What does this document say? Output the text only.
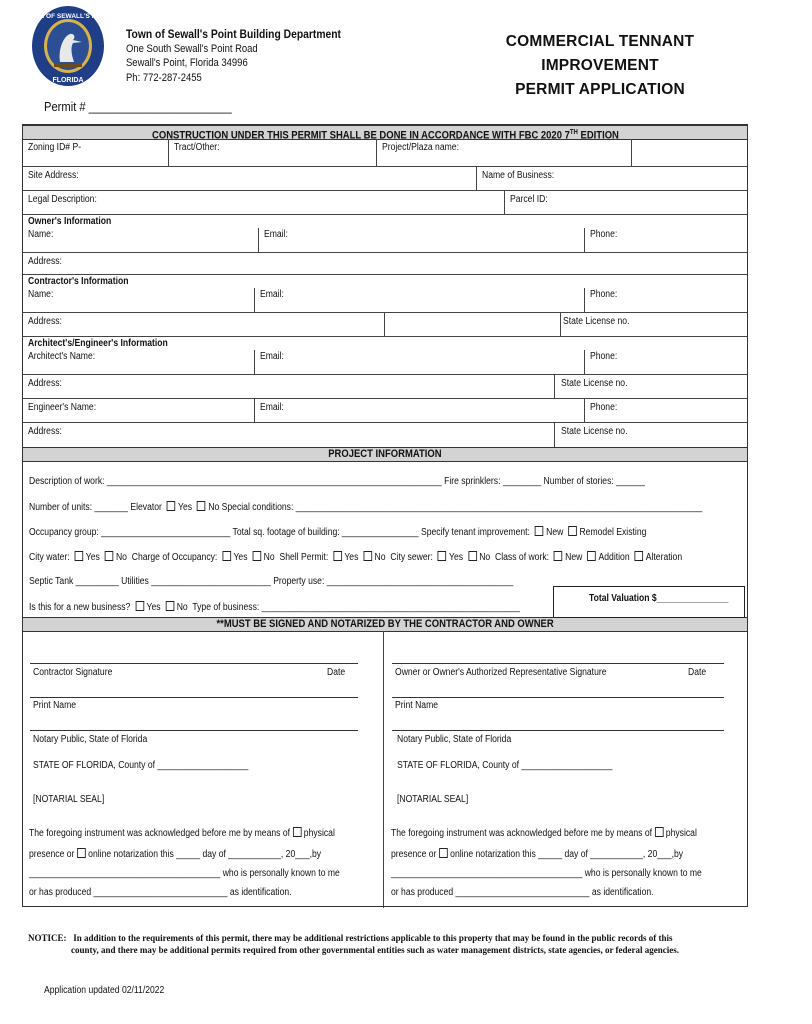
TOWN OF SEWALL'S POINT
FLORIDA
Town of Sewall's Point Building Department
One South Sewall's Point Road
Sewall's Point, Florida 34996
Ph: 772-287-2455
COMMERCIAL TENNANT
IMPROVEMENT
PERMIT APPLICATION
Permit # _______________________
CONSTRUCTION UNDER THIS PERMIT SHALL BE DONE IN ACCORDANCE WITH FBC 2020 7TH EDITION
Zoning ID# P-	Tract/Other:	Project/Plaza name:
Site Address:	Name of Business:
Legal Description:	Parcel ID:
Owner's Information
Name:	Email:	Phone:
Address:
Contractor's Information
Name:	Email:	Phone:
Address:	State License no.
Architect's/Engineer's Information
Architect's Name:	Email:	Phone:
Address:	State License no.
Engineer's Name:	Email:	Phone:
Address:	State License no.
PROJECT INFORMATION
Description of work: ______________________________________________________________________ Fire sprinklers: ________ Number of stories: ______
Number of units: _______ Elevator Yes No Special conditions: _____________________________________________________________________________________
Occupancy group: ___________________________ Total sq. footage of building: ________________ Specify tenant improvement: New Remodel Existing
City water: Yes No Charge of Occupancy: Yes No Shell Permit: Yes No City sewer: Yes No Class of work: New Addition Alteration
Septic Tank _________ Utilities _________________________ Property use: _______________________________________
Is this for a new business? Yes No Type of business: ______________________________________________________
**MUST BE SIGNED AND NOTARIZED BY THE CONTRACTOR AND OWNER
Total Valuation $_______________
Contractor Signature	Date
Print Name
Notary Public, State of Florida
STATE OF FLORIDA, County of ___________________
[NOTARIAL SEAL]
The foregoing instrument was acknowledged before me by means of physical
presence or online notarization this _____ day of ___________, 20___,by
________________________________________ who is personally known to me
or has produced ____________________________ as identification.
Owner or Owner's Authorized Representative Signature	Date
Print Name
Notary Public, State of Florida
STATE OF FLORIDA, County of ___________________
[NOTARIAL SEAL]
The foregoing instrument was acknowledged before me by means of physical
presence or online notarization this _____ day of ___________, 20___,by
________________________________________ who is personally known to me
or has produced ____________________________ as identification.
NOTICE: In addition to the requirements of this permit, there may be additional restrictions applicable to this property that may be found in the public records of this
county, and there may be additional permits required from other governmental entities such as water management districts, state agencies, or federal agencies.
Application updated 02/11/2022
